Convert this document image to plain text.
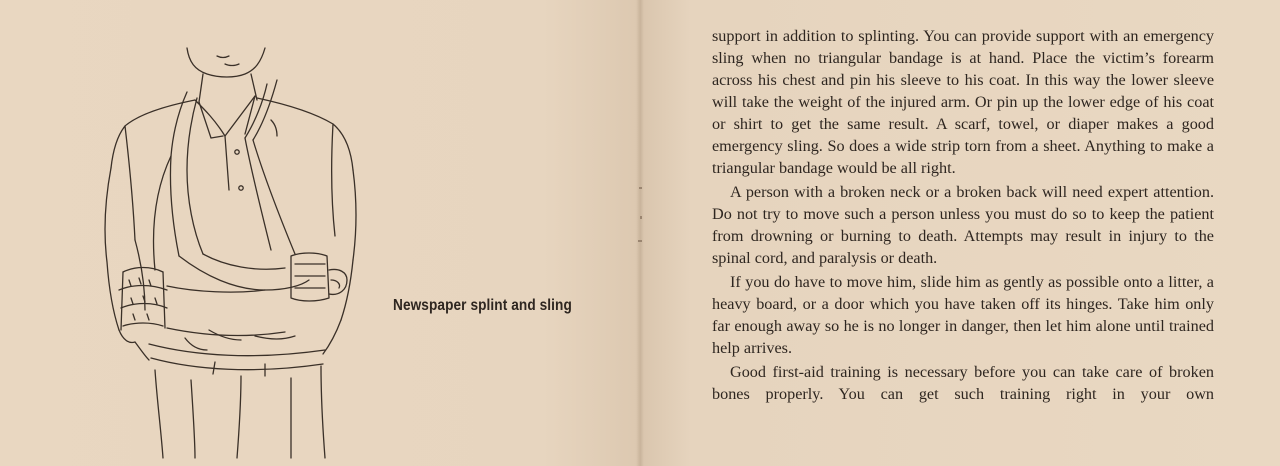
Newspaper splint and sling

support in addition to splinting. You can provide support with an emergency sling when no triangular bandage is at hand. Place the victim’s forearm across his chest and pin his sleeve to his coat. In this way the lower sleeve will take the weight of the injured arm. Or pin up the lower edge of his coat or shirt to get the same result. A scarf, towel, or diaper makes a good emergency sling. So does a wide strip torn from a sheet. Anything to make a triangular bandage would be all right.

A person with a broken neck or a broken back will need expert attention. Do not try to move such a person unless you must do so to keep the patient from drowning or burning to death. Attempts may result in injury to the spinal cord, and paralysis or death.

If you do have to move him, slide him as gently as possible onto a litter, a heavy board, or a door which you have taken off its hinges. Take him only far enough away so he is no longer in danger, then let him alone until trained help arrives.

Good first-aid training is necessary before you can take care of broken bones properly. You can get such training right in your own
